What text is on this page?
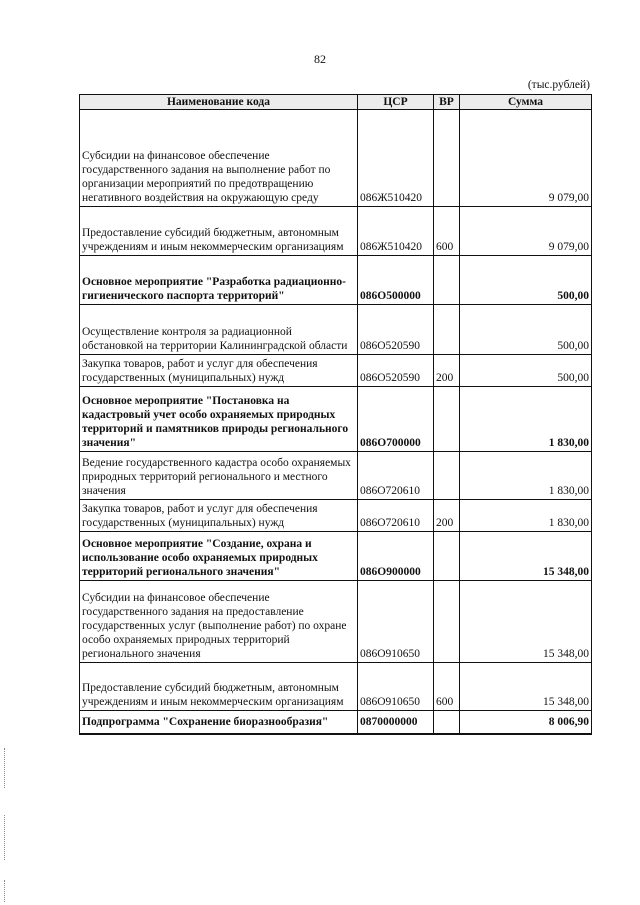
82
(тыс.рублей)
Наименование кода	ЦСР	ВР	Сумма
Субсидии на финансовое обеспечение государственного задания на выполнение работ по организации мероприятий по предотвращению негативного воздействия на окружающую среду	086Ж510420		9 079,00
Предоставление субсидий бюджетным, автономным учреждениям и иным некоммерческим организациям	086Ж510420	600	9 079,00
Основное мероприятие "Разработка радиационно-гигиенического паспорта территорий"	086О500000		500,00
Осуществление контроля за радиационной обстановкой на территории Калининградской области	086О520590		500,00
Закупка товаров, работ и услуг для обеспечения государственных (муниципальных) нужд	086О520590	200	500,00
Основное мероприятие "Постановка на кадастровый учет особо охраняемых природных территорий и памятников природы регионального значения"	086О700000		1 830,00
Ведение государственного кадастра особо охраняемых природных территорий регионального и местного значения	086О720610		1 830,00
Закупка товаров, работ и услуг для обеспечения государственных (муниципальных) нужд	086О720610	200	1 830,00
Основное мероприятие "Создание, охрана и использование особо охраняемых природных территорий регионального значения"	086О900000		15 348,00
Субсидии на финансовое обеспечение государственного задания на предоставление государственных услуг (выполнение работ) по охране особо охраняемых природных территорий регионального значения	086О910650		15 348,00
Предоставление субсидий бюджетным, автономным учреждениям и иным некоммерческим организациям	086О910650	600	15 348,00
Подпрограмма "Сохранение биоразнообразия"	0870000000		8 006,90
